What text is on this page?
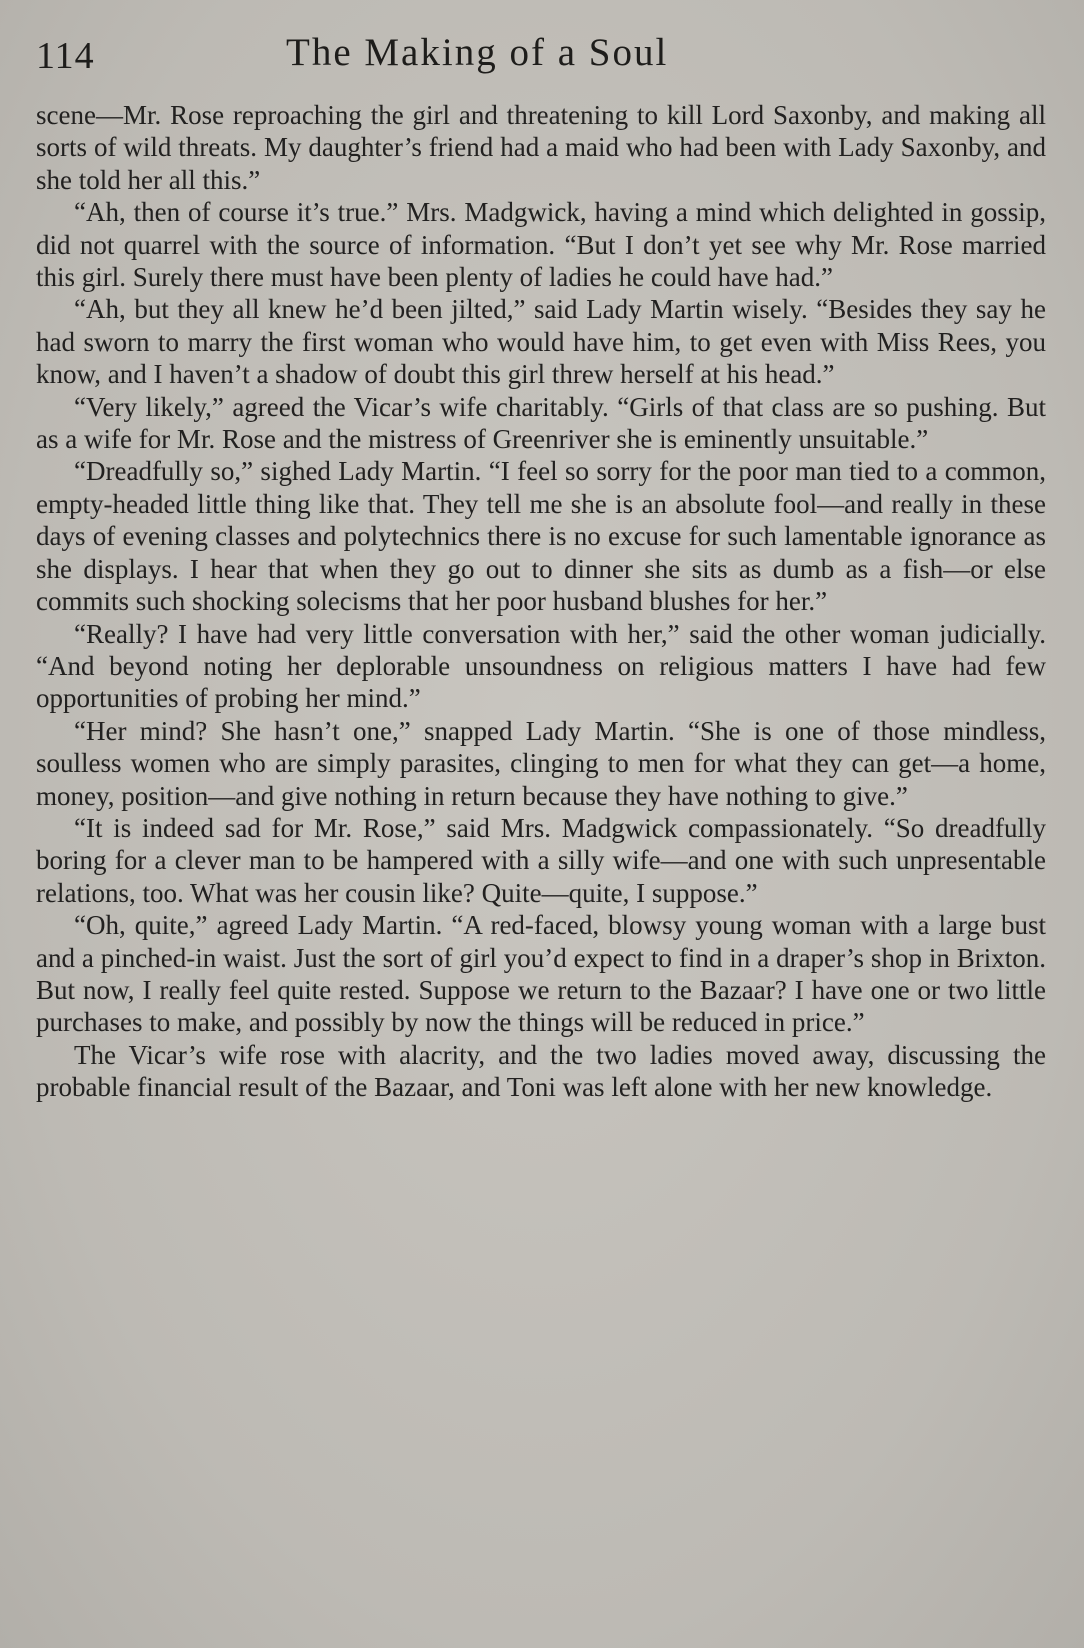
114	The Making of a Soul

scene—Mr. Rose reproaching the girl and threatening to kill Lord Saxonby, and making all sorts of wild threats. My daughter’s friend had a maid who had been with Lady Saxonby, and she told her all this.”

“Ah, then of course it’s true.” Mrs. Madgwick, having a mind which delighted in gossip, did not quarrel with the source of information. “But I don’t yet see why Mr. Rose married this girl. Surely there must have been plenty of ladies he could have had.”

“Ah, but they all knew he’d been jilted,” said Lady Martin wisely. “Besides they say he had sworn to marry the first woman who would have him, to get even with Miss Rees, you know, and I haven’t a shadow of doubt this girl threw herself at his head.”

“Very likely,” agreed the Vicar’s wife charitably. “Girls of that class are so pushing. But as a wife for Mr. Rose and the mistress of Greenriver she is eminently unsuitable.”

“Dreadfully so,” sighed Lady Martin. “I feel so sorry for the poor man tied to a common, empty-headed little thing like that. They tell me she is an absolute fool—and really in these days of evening classes and polytechnics there is no excuse for such lamentable ignorance as she displays. I hear that when they go out to dinner she sits as dumb as a fish—or else commits such shocking solecisms that her poor husband blushes for her.”

“Really? I have had very little conversation with her,” said the other woman judicially. “And beyond noting her deplorable unsoundness on religious matters I have had few opportunities of probing her mind.”

“Her mind? She hasn’t one,” snapped Lady Martin. “She is one of those mindless, soulless women who are simply parasites, clinging to men for what they can get—a home, money, position—and give nothing in return because they have nothing to give.”

“It is indeed sad for Mr. Rose,” said Mrs. Madgwick compassionately. “So dreadfully boring for a clever man to be hampered with a silly wife—and one with such unpresentable relations, too. What was her cousin like? Quite—quite, I suppose.”

“Oh, quite,” agreed Lady Martin. “A red-faced, blowsy young woman with a large bust and a pinched-in waist. Just the sort of girl you’d expect to find in a draper’s shop in Brixton. But now, I really feel quite rested. Suppose we return to the Bazaar? I have one or two little purchases to make, and possibly by now the things will be reduced in price.”

The Vicar’s wife rose with alacrity, and the two ladies moved away, discussing the probable financial result of the Bazaar, and Toni was left alone with her new knowledge.
